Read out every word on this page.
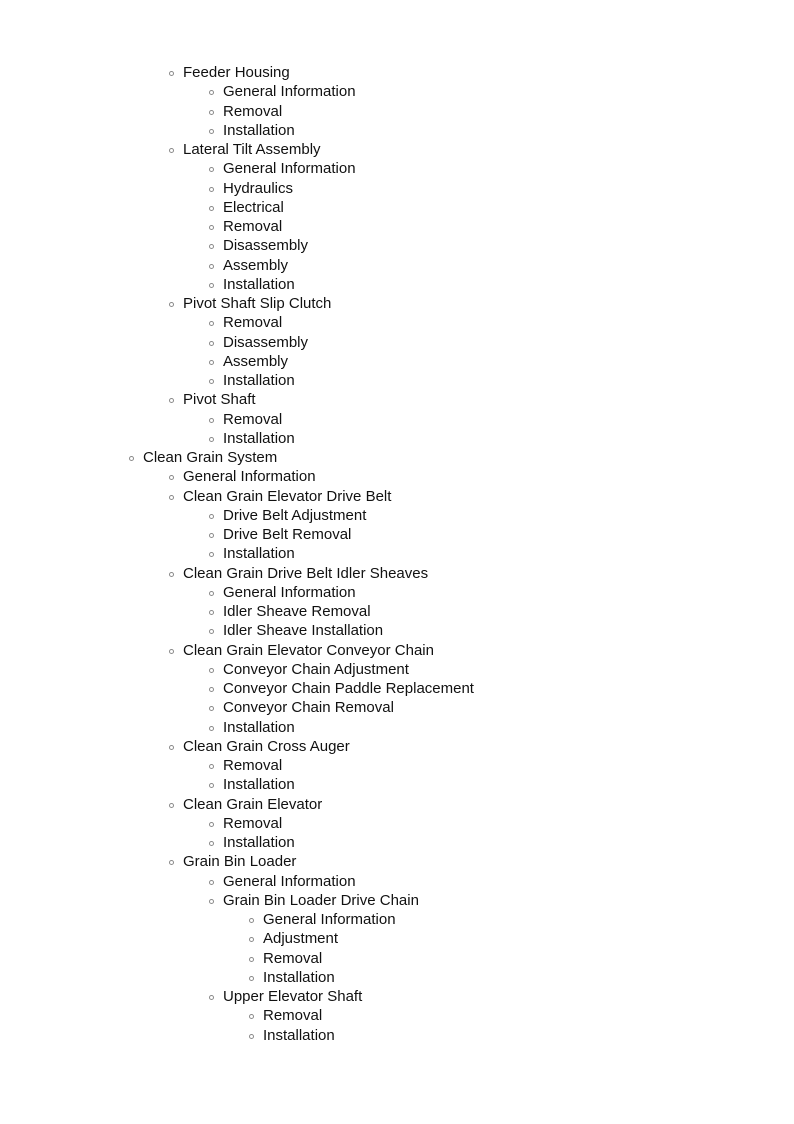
Feeder Housing
General Information
Removal
Installation
Lateral Tilt Assembly
General Information
Hydraulics
Electrical
Removal
Disassembly
Assembly
Installation
Pivot Shaft Slip Clutch
Removal
Disassembly
Assembly
Installation
Pivot Shaft
Removal
Installation
Clean Grain System
General Information
Clean Grain Elevator Drive Belt
Drive Belt Adjustment
Drive Belt Removal
Installation
Clean Grain Drive Belt Idler Sheaves
General Information
Idler Sheave Removal
Idler Sheave Installation
Clean Grain Elevator Conveyor Chain
Conveyor Chain Adjustment
Conveyor Chain Paddle Replacement
Conveyor Chain Removal
Installation
Clean Grain Cross Auger
Removal
Installation
Clean Grain Elevator
Removal
Installation
Grain Bin Loader
General Information
Grain Bin Loader Drive Chain
General Information
Adjustment
Removal
Installation
Upper Elevator Shaft
Removal
Installation
